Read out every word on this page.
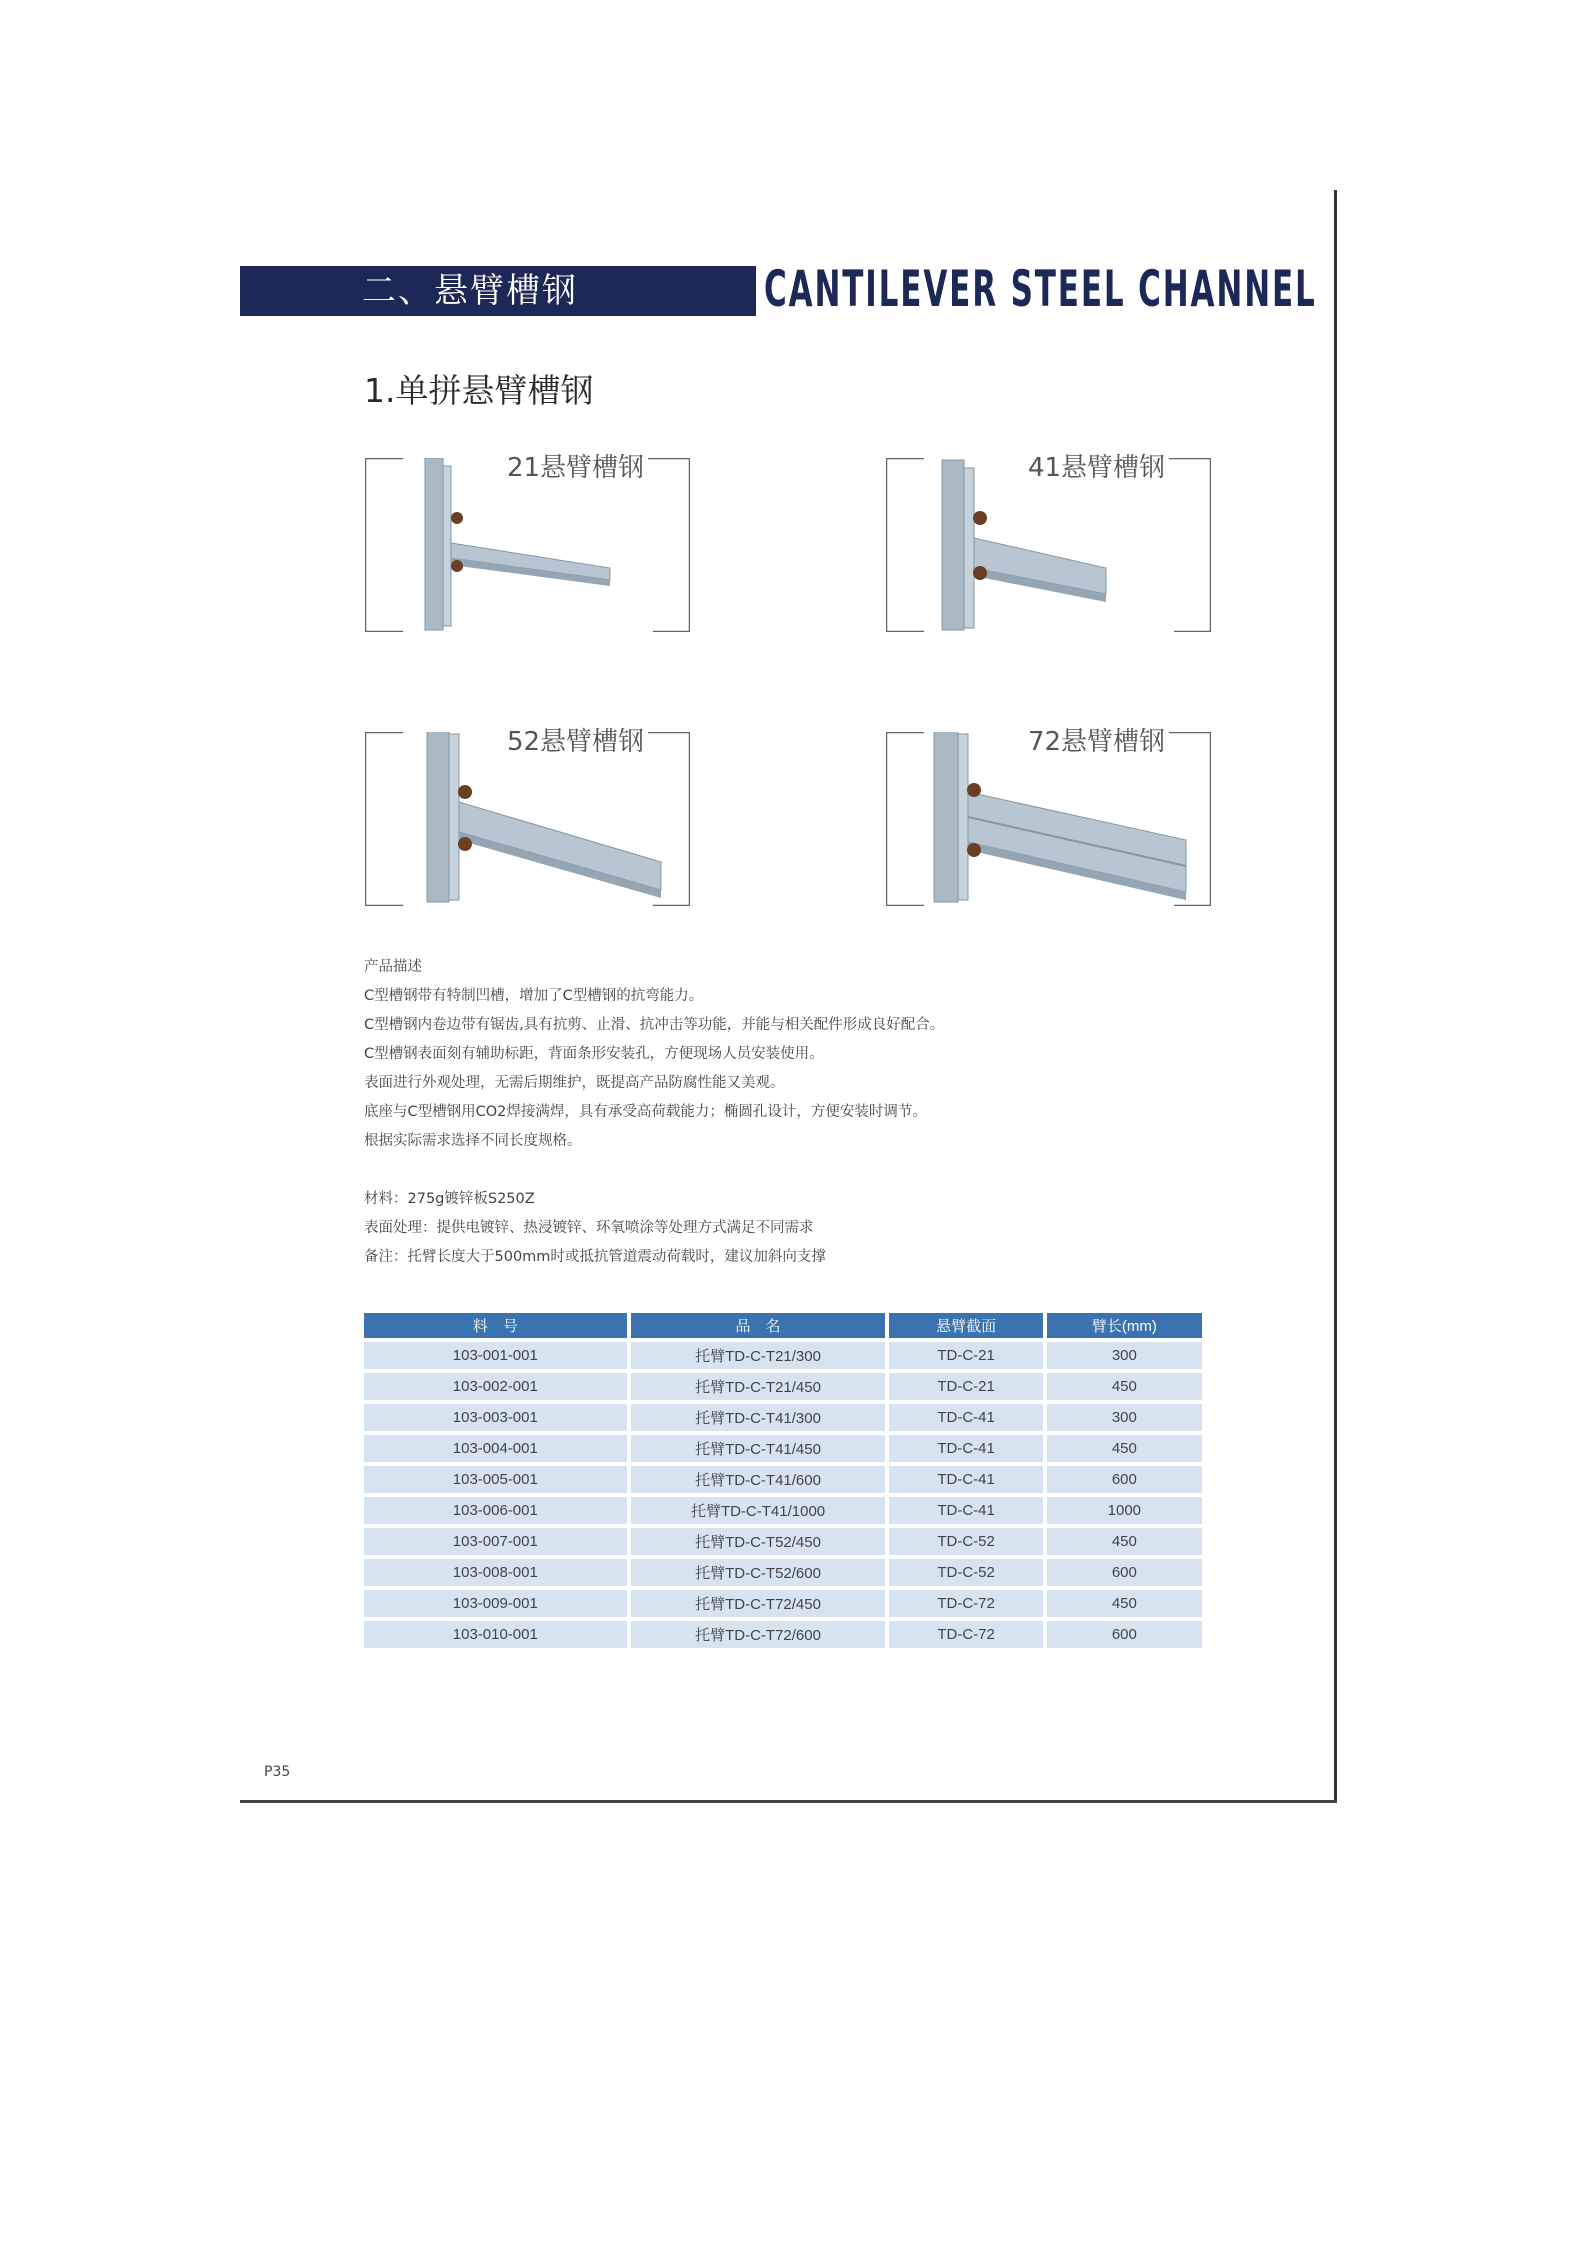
二、悬臂槽钢	CANTILEVER STEEL CHANNEL
1.单拼悬臂槽钢
21悬臂槽钢	41悬臂槽钢
52悬臂槽钢	72悬臂槽钢
产品描述
C型槽钢带有特制凹槽，增加了C型槽钢的抗弯能力。
C型槽钢内卷边带有锯齿,具有抗剪、止滑、抗冲击等功能，并能与相关配件形成良好配合。
C型槽钢表面刻有辅助标距，背面条形安装孔，方便现场人员安装使用。
表面进行外观处理，无需后期维护，既提高产品防腐性能又美观。
底座与C型槽钢用CO2焊接满焊，具有承受高荷载能力；椭圆孔设计，方便安装时调节。
根据实际需求选择不同长度规格。
材料：275g镀锌板S250Z
表面处理：提供电镀锌、热浸镀锌、环氧喷涂等处理方式满足不同需求
备注：托臂长度大于500mm时或抵抗管道震动荷载时，建议加斜向支撑
料　号	品　名	悬臂截面	臂长(mm)
103-001-001	托臂TD-C-T21/300	TD-C-21	300
103-002-001	托臂TD-C-T21/450	TD-C-21	450
103-003-001	托臂TD-C-T41/300	TD-C-41	300
103-004-001	托臂TD-C-T41/450	TD-C-41	450
103-005-001	托臂TD-C-T41/600	TD-C-41	600
103-006-001	托臂TD-C-T41/1000	TD-C-41	1000
103-007-001	托臂TD-C-T52/450	TD-C-52	450
103-008-001	托臂TD-C-T52/600	TD-C-52	600
103-009-001	托臂TD-C-T72/450	TD-C-72	450
103-010-001	托臂TD-C-T72/600	TD-C-72	600
P35
